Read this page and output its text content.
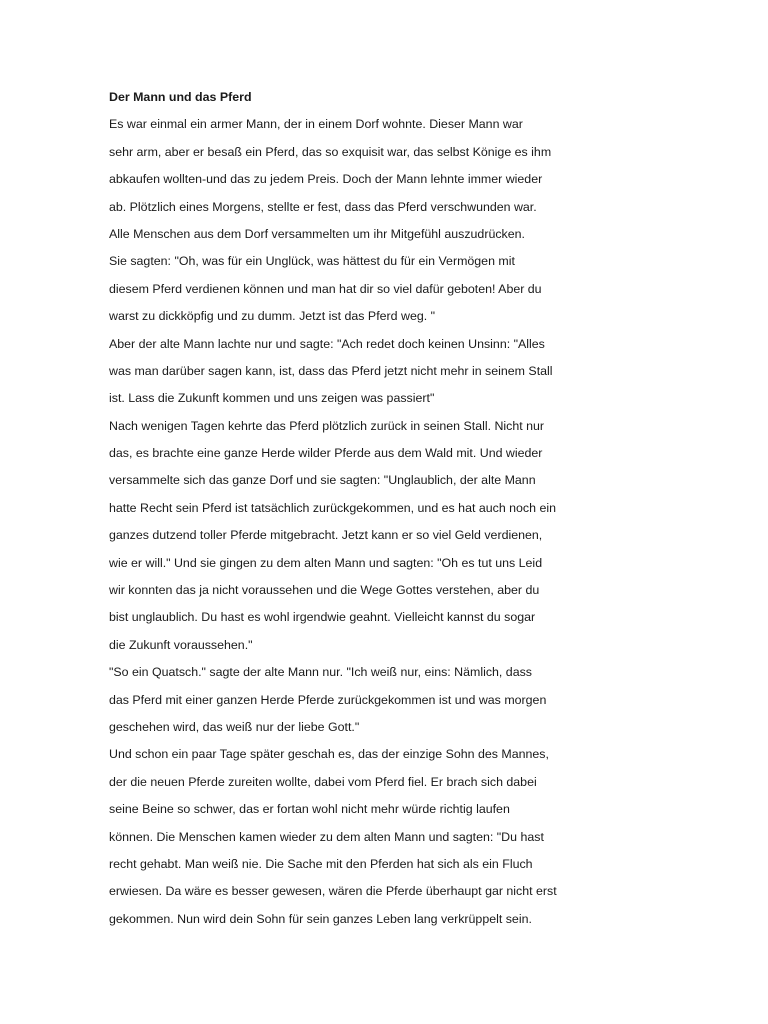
Der Mann und das Pferd
Es war einmal ein armer Mann, der in einem Dorf wohnte. Dieser Mann war
sehr arm, aber er besaß ein Pferd, das so exquisit war, das selbst Könige es ihm
abkaufen wollten-und das zu jedem Preis. Doch der Mann lehnte immer wieder
ab. Plötzlich eines Morgens, stellte er fest, dass das Pferd verschwunden war.
Alle Menschen aus dem Dorf versammelten um ihr Mitgefühl auszudrücken.
Sie sagten: "Oh, was für ein Unglück, was hättest du für ein Vermögen mit
diesem Pferd verdienen können und man hat dir so viel dafür geboten! Aber du
warst zu dickköpfig und zu dumm. Jetzt ist das Pferd weg. "
Aber der alte Mann lachte nur und sagte: "Ach redet doch keinen Unsinn: "Alles
was man darüber sagen kann, ist, dass das Pferd jetzt nicht mehr in seinem Stall
ist. Lass die Zukunft kommen und uns zeigen was passiert"
Nach wenigen Tagen kehrte das Pferd plötzlich zurück in seinen Stall. Nicht nur
das, es brachte eine ganze Herde wilder Pferde aus dem Wald mit. Und wieder
versammelte sich das ganze Dorf und sie sagten: "Unglaublich, der alte Mann
hatte Recht sein Pferd ist tatsächlich zurückgekommen, und es hat auch noch ein
ganzes dutzend toller Pferde mitgebracht. Jetzt kann er so viel Geld verdienen,
wie er will." Und sie gingen zu dem alten Mann und sagten: "Oh es tut uns Leid
wir konnten das ja nicht voraussehen und die Wege Gottes verstehen, aber du
bist unglaublich. Du hast es wohl irgendwie geahnt. Vielleicht kannst du sogar
die Zukunft voraussehen."
"So ein Quatsch." sagte der alte Mann nur. "Ich weiß nur, eins: Nämlich, dass
das Pferd mit einer ganzen Herde Pferde zurückgekommen ist und was morgen
geschehen wird, das weiß nur der liebe Gott."
Und schon ein paar Tage später geschah es, das der einzige Sohn des Mannes,
der die neuen Pferde zureiten wollte, dabei vom Pferd fiel. Er brach sich dabei
seine Beine so schwer, das er fortan wohl nicht mehr würde richtig laufen
können. Die Menschen kamen wieder zu dem alten Mann und sagten: "Du hast
recht gehabt. Man weiß nie. Die Sache mit den Pferden hat sich als ein Fluch
erwiesen. Da wäre es besser gewesen, wären die Pferde überhaupt gar nicht erst
gekommen. Nun wird dein Sohn für sein ganzes Leben lang verkrüppelt sein.
